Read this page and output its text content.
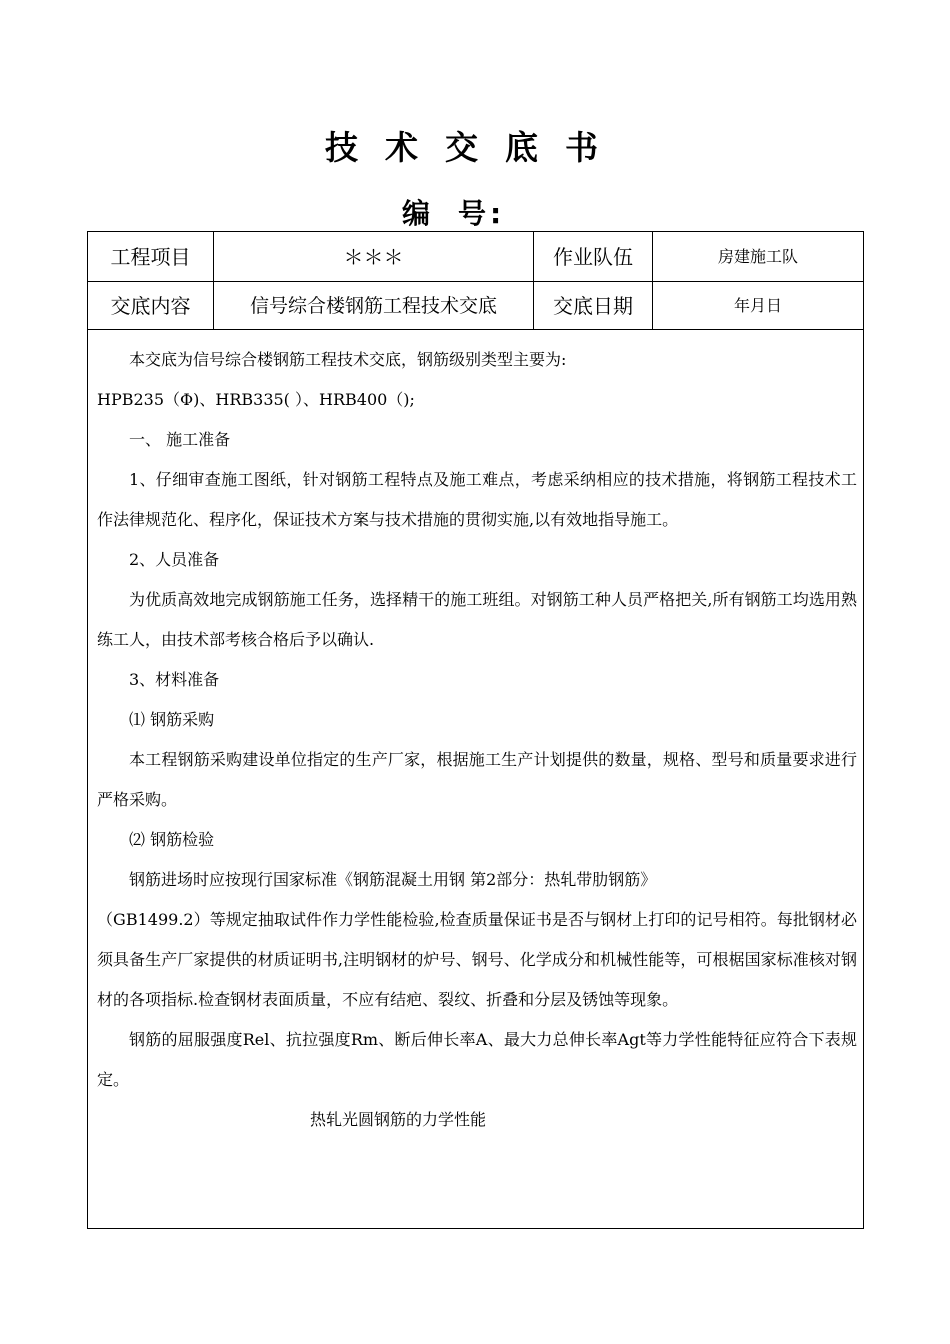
技术交底书
编 号:
工程项目	＊＊＊	作业队伍	房建施工队
交底内容	信号综合楼钢筋工程技术交底	交底日期	年月日

本交底为信号综合楼钢筋工程技术交底，钢筋级别类型主要为:

HPB235（Φ)、HRB335( ）、HRB400（);

一、 施工准备

1、仔细审查施工图纸，针对钢筋工程特点及施工难点，考虑采纳相应的技术措施，将钢筋工程技术工作法律规范化、程序化，保证技术方案与技术措施的贯彻实施,以有效地指导施工。

2、人员准备

为优质高效地完成钢筋施工任务，选择精干的施工班组。对钢筋工种人员严格把关,所有钢筋工均选用熟练工人，由技术部考核合格后予以确认.

3、材料准备

⑴ 钢筋采购

本工程钢筋采购建设单位指定的生产厂家，根据施工生产计划提供的数量，规格、型号和质量要求进行严格采购。

⑵ 钢筋检验

钢筋进场时应按现行国家标准《钢筋混凝土用钢 第2部分：热轧带肋钢筋》

（GB1499.2）等规定抽取试件作力学性能检验,检查质量保证书是否与钢材上打印的记号相符。每批钢材必须具备生产厂家提供的材质证明书,注明钢材的炉号、钢号、化学成分和机械性能等，可根椐国家标准核对钢材的各项指标.检查钢材表面质量，不应有结疤、裂纹、折叠和分层及锈蚀等现象。

钢筋的屈服强度Rel、抗拉强度Rm、断后伸长率A、最大力总伸长率Agt等力学性能特征应符合下表规定。

热轧光圆钢筋的力学性能
